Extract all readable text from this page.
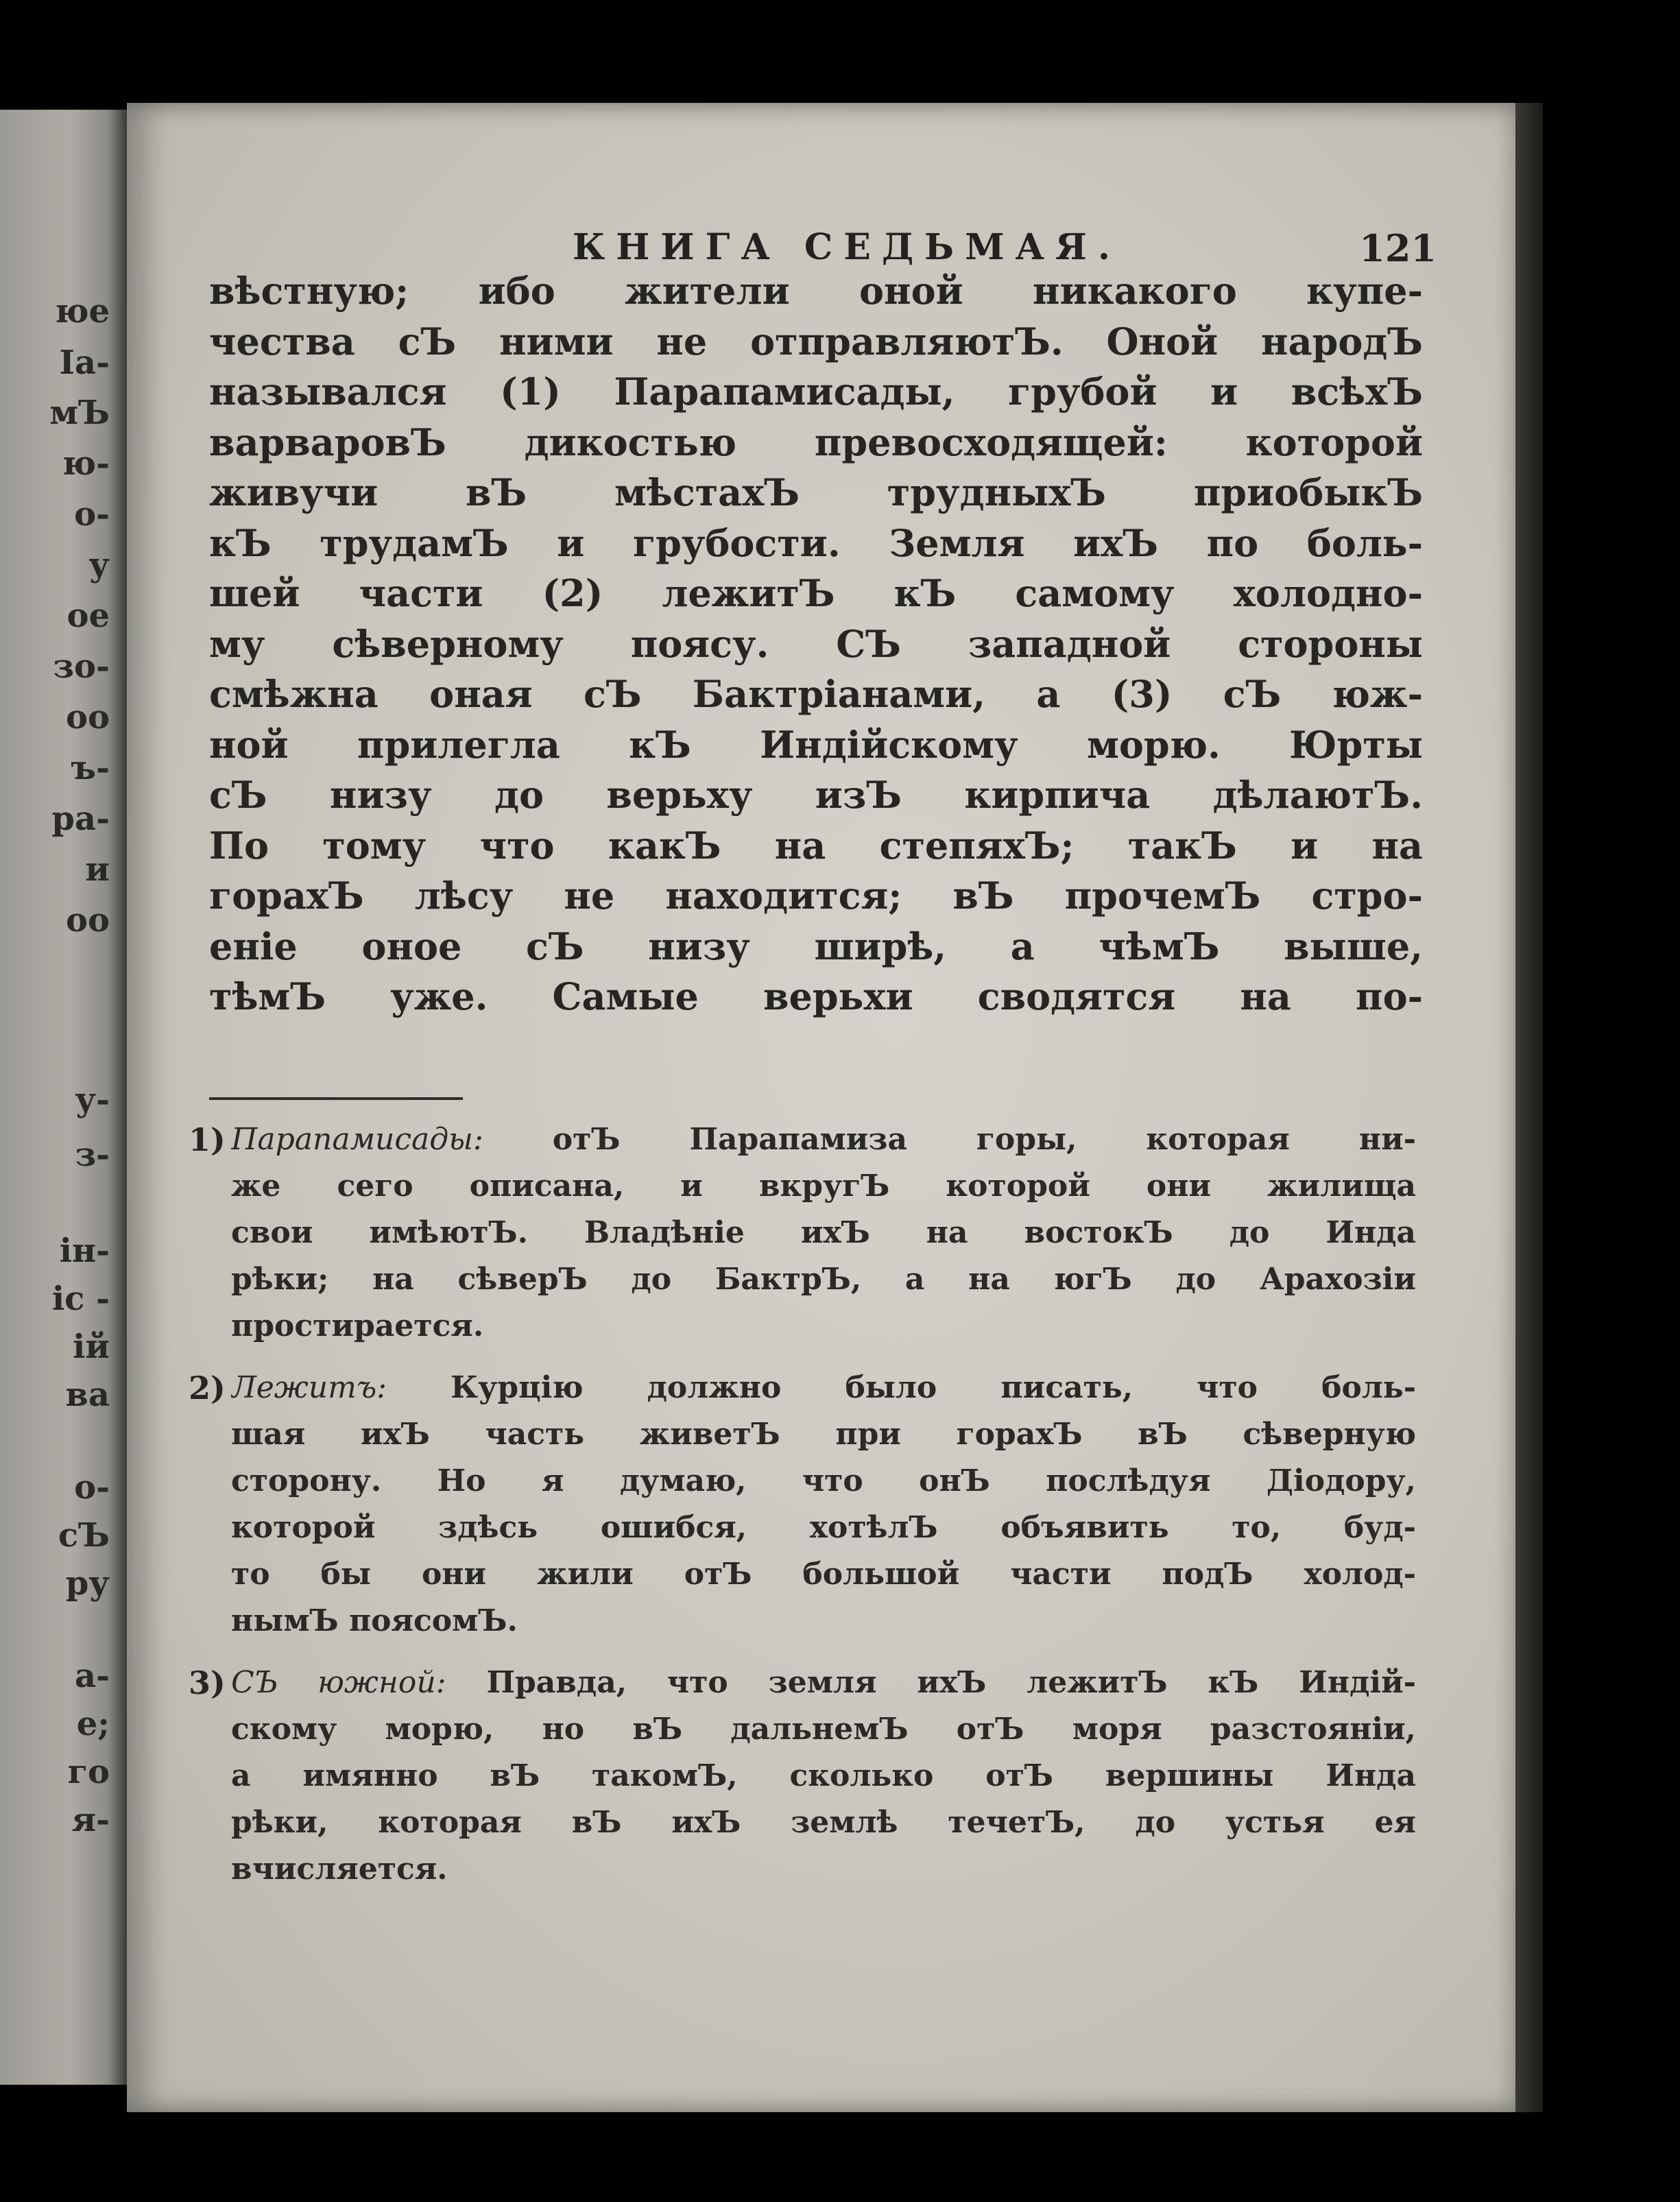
юе
Іа-
мЪ
ю-
о-
у
ое
зо-
оо
ъ-
ра-
и
оо
у-
з-
ін-
іс -
ій
ва
о-
сЪ
ру
а-
е;
го
я-
КНИГА СЕДЬМАЯ.	121
вѣстную; ибо жители оной никакого купе-
чества сЪ ними не отправляютЪ. Оной народЪ
назывался (1) Парапамисады, грубой и всѣхЪ
варваровЪ дикостью превосходящей: которой
живучи вЪ мѣстахЪ трудныхЪ приобыкЪ
кЪ трудамЪ и грубости. Земля ихЪ по боль-
шей части (2) лежитЪ кЪ самому холодно-
му сѣверному поясу. СЪ западной стороны
смѣжна оная сЪ Бактріанами, а (3) сЪ юж-
ной прилегла кЪ Индійскому морю. Юрты
сЪ низу до верьху изЪ кирпича дѣлаютЪ.
По тому что какЪ на степяхЪ; такЪ и на
горахЪ лѣсу не находится; вЪ прочемЪ стро-
еніе оное сЪ низу ширѣ, а чѣмЪ выше,
тѣмЪ уже. Самые верьхи сводятся на по-
1) Парапамисады: отЪ Парапамиза горы, которая ни-
же сего описана, и вкругЪ которой они жилища
свои имѣютЪ. Владѣніе ихЪ на востокЪ до Инда
рѣки; на сѣверЪ до БактрЪ, а на югЪ до Арахозіи
простирается.
2) Лежитъ: Курцію должно было писать, что боль-
шая ихЪ часть живетЪ при горахЪ вЪ сѣверную
сторону. Но я думаю, что онЪ послѣдуя Діодору,
которой здѣсь ошибся, хотѣлЪ объявить то, буд-
то бы они жили отЪ большой части подЪ холод-
нымЪ поясомЪ.
3) СЪ южной: Правда, что земля ихЪ лежитЪ кЪ Индій-
скому морю, но вЪ дальнемЪ отЪ моря разстояніи,
а имянно вЪ такомЪ, сколько отЪ вершины Инда
рѣки, которая вЪ ихЪ землѣ течетЪ, до устья ея
вчисляется.
